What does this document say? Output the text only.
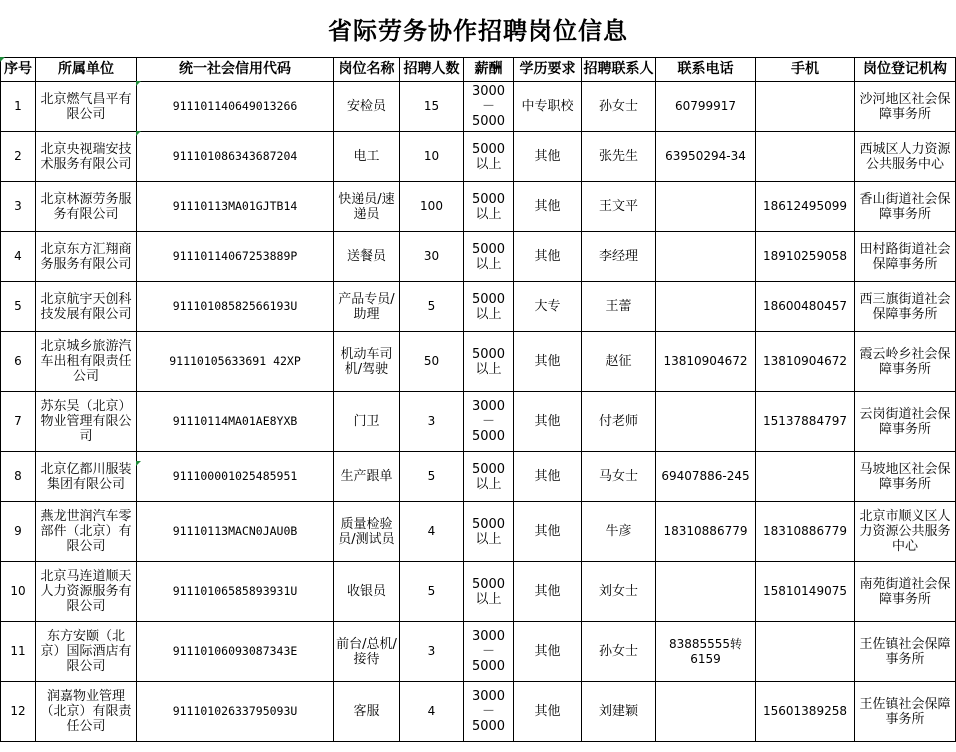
省际劳务协作招聘岗位信息
序号	所属单位	统一社会信用代码	岗位名称	招聘人数	薪酬	学历要求	招聘联系人	联系电话	手机	岗位登记机构
1	北京燃气昌平有限公司	911101140649013266	安检员	15	3000－5000	中专职校	孙女士	60799917		沙河地区社会保障事务所
2	北京央视瑞安技术服务有限公司	911101086343687204	电工	10	5000以上	其他	张先生	63950294-34		西城区人力资源公共服务中心
3	北京林源劳务服务有限公司	91110113MA01GJTB14	快递员/速递员	100	5000以上	其他	王文平		18612495099	香山街道社会保障事务所
4	北京东方汇翔商务服务有限公司	91110114067253889P	送餐员	30	5000以上	其他	李经理		18910259058	田村路街道社会保障事务所
5	北京航宇天创科技发展有限公司	91110108582566193U	产品专员/助理	5	5000以上	大专	王蕾		18600480457	西三旗街道社会保障事务所
6	北京城乡旅游汽车出租有限责任公司	91110105633691 42XP	机动车司机/驾驶	50	5000以上	其他	赵征	13810904672	13810904672	霞云岭乡社会保障事务所
7	苏东吴（北京）物业管理有限公司	91110114MA01AE8YXB	门卫	3	3000－5000	其他	付老师		15137884797	云岗街道社会保障事务所
8	北京亿都川服装集团有限公司	911100001025485951	生产跟单	5	5000以上	其他	马女士	69407886-245		马坡地区社会保障事务所
9	燕龙世润汽车零部件（北京）有限公司	91110113MACN0JAU0B	质量检验员/测试员	4	5000以上	其他	牛彦	18310886779	18310886779	北京市顺义区人力资源公共服务中心
10	北京马连道顺天人力资源服务有限公司	91110106585893931U	收银员	5	5000以上	其他	刘女士		15810149075	南苑街道社会保障事务所
11	东方安颐（北京）国际酒店有限公司	91110106093087343E	前台/总机/接待	3	3000－5000	其他	孙女士	83885555转6159		王佐镇社会保障事务所
12	润嘉物业管理（北京）有限责任公司	91110102633795093U	客服	4	3000－5000	其他	刘建颖		15601389258	王佐镇社会保障事务所
